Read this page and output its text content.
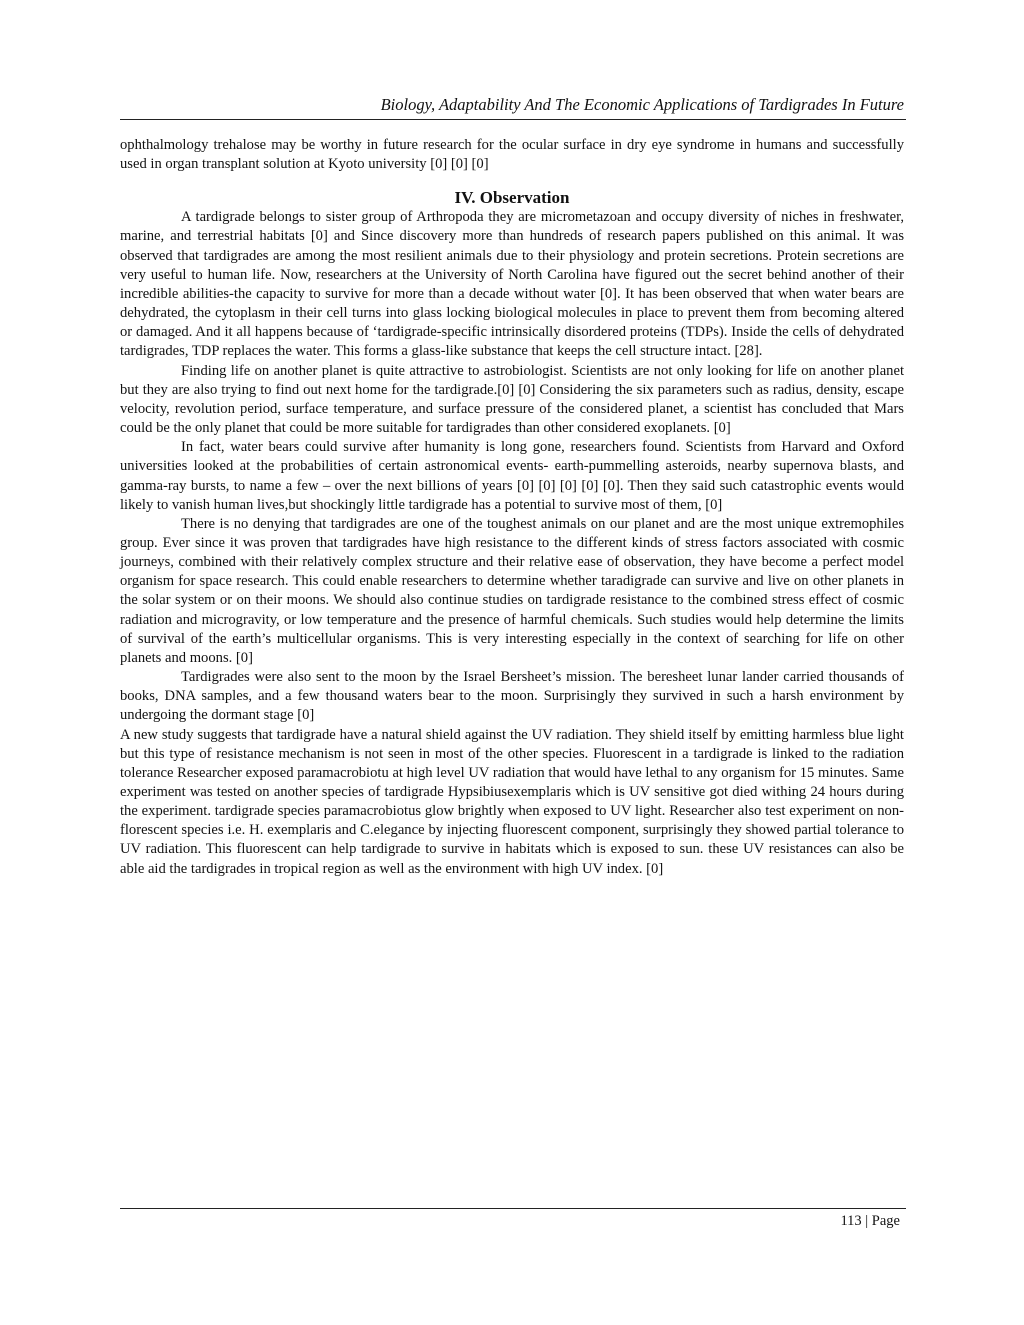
Biology, Adaptability And The Economic Applications of Tardigrades In Future

ophthalmology trehalose may be worthy in future research for the ocular surface in dry eye syndrome in humans and successfully used in organ transplant solution at Kyoto university [0] [0] [0]

IV. Observation

A tardigrade belongs to sister group of Arthropoda they are micrometazoan and occupy diversity of niches in freshwater, marine, and terrestrial habitats [0] and Since discovery more than hundreds of research papers published on this animal. It was observed that tardigrades are among the most resilient animals due to their physiology and protein secretions. Protein secretions are very useful to human life. Now, researchers at the University of North Carolina have figured out the secret behind another of their incredible abilities-the capacity to survive for more than a decade without water [0]. It has been observed that when water bears are dehydrated, the cytoplasm in their cell turns into glass locking biological molecules in place to prevent them from becoming altered or damaged. And it all happens because of ‘tardigrade-specific intrinsically disordered proteins (TDPs). Inside the cells of dehydrated tardigrades, TDP replaces the water. This forms a glass-like substance that keeps the cell structure intact. [28].

Finding life on another planet is quite attractive to astrobiologist. Scientists are not only looking for life on another planet but they are also trying to find out next home for the tardigrade.[0] [0] Considering the six parameters such as radius, density, escape velocity, revolution period, surface temperature, and surface pressure of the considered planet, a scientist has concluded that Mars could be the only planet that could be more suitable for tardigrades than other considered exoplanets. [0]

In fact, water bears could survive after humanity is long gone, researchers found. Scientists from Harvard and Oxford universities looked at the probabilities of certain astronomical events- earth-pummelling asteroids, nearby supernova blasts, and gamma-ray bursts, to name a few – over the next billions of years [0] [0] [0] [0] [0]. Then they said such catastrophic events would likely to vanish human lives,but shockingly little tardigrade has a potential to survive most of them, [0]

There is no denying that tardigrades are one of the toughest animals on our planet and are the most unique extremophiles group. Ever since it was proven that tardigrades have high resistance to the different kinds of stress factors associated with cosmic journeys, combined with their relatively complex structure and their relative ease of observation, they have become a perfect model organism for space research. This could enable researchers to determine whether taradigrade can survive and live on other planets in the solar system or on their moons. We should also continue studies on tardigrade resistance to the combined stress effect of cosmic radiation and microgravity, or low temperature and the presence of harmful chemicals. Such studies would help determine the limits of survival of the earth’s multicellular organisms. This is very interesting especially in the context of searching for life on other planets and moons. [0]

Tardigrades were also sent to the moon by the Israel Bersheet’s mission. The beresheet lunar lander carried thousands of books, DNA samples, and a few thousand waters bear to the moon. Surprisingly they survived in such a harsh environment by undergoing the dormant stage [0]

A new study suggests that tardigrade have a natural shield against the UV radiation. They shield itself by emitting harmless blue light but this type of resistance mechanism is not seen in most of the other species. Fluorescent in a tardigrade is linked to the radiation tolerance Researcher exposed paramacrobiotu at high level UV radiation that would have lethal to any organism for 15 minutes. Same experiment was tested on another species of tardigrade Hypsibiusexemplaris which is UV sensitive got died withing 24 hours during the experiment. tardigrade species paramacrobiotus glow brightly when exposed to UV light. Researcher also test experiment on non-florescent species i.e. H. exemplaris and C.elegance by injecting fluorescent component, surprisingly they showed partial tolerance to UV radiation. This fluorescent can help tardigrade to survive in habitats which is exposed to sun. these UV resistances can also be able aid the tardigrades in tropical region as well as the environment with high UV index. [0]

113 | Page
